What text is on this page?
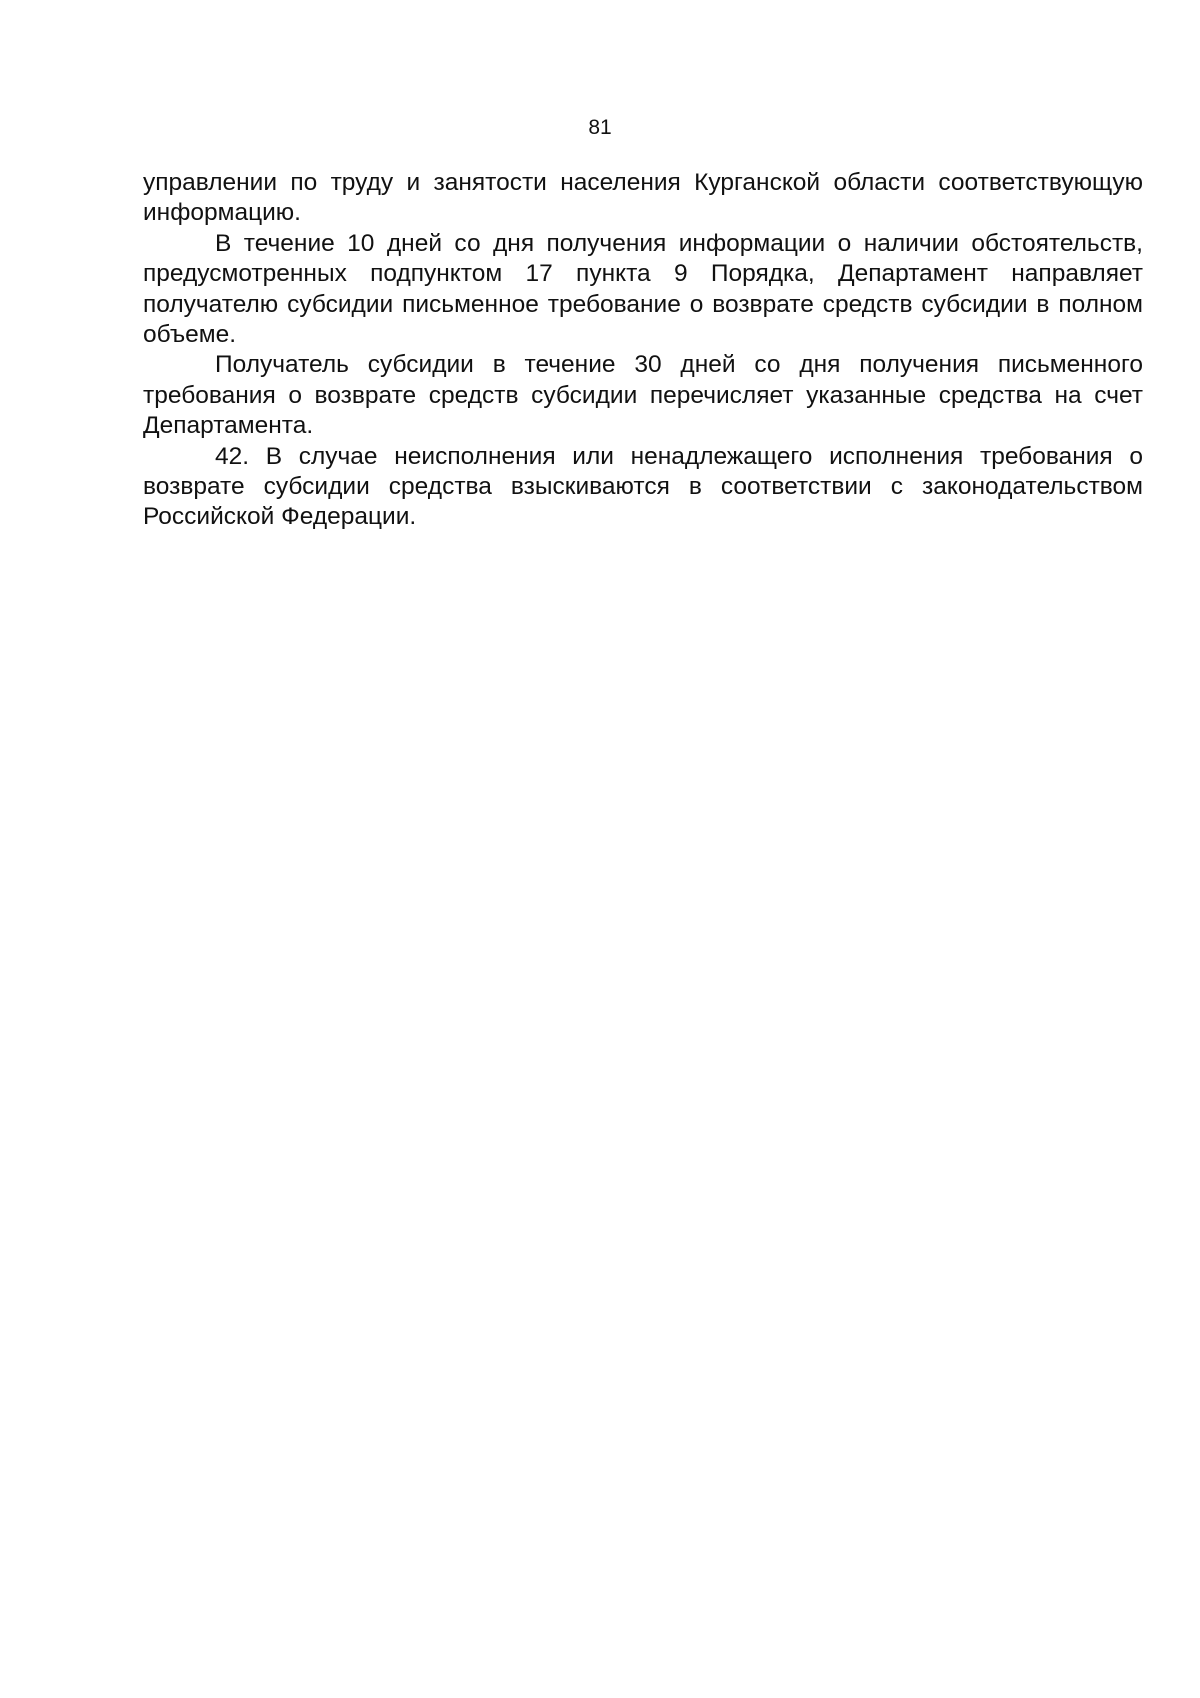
81

управлении по труду и занятости населения Курганской области соответствующую информацию.

В течение 10 дней со дня получения информации о наличии обстоятельств, предусмотренных подпунктом 17 пункта 9 Порядка, Департамент направляет получателю субсидии письменное требование о возврате средств субсидии в полном объеме.

Получатель субсидии в течение 30 дней со дня получения письменного требования о возврате средств субсидии перечисляет указанные средства на счет Департамента.

42. В случае неисполнения или ненадлежащего исполнения требования о возврате субсидии средства взыскиваются в соответствии с законодательством Российской Федерации.
